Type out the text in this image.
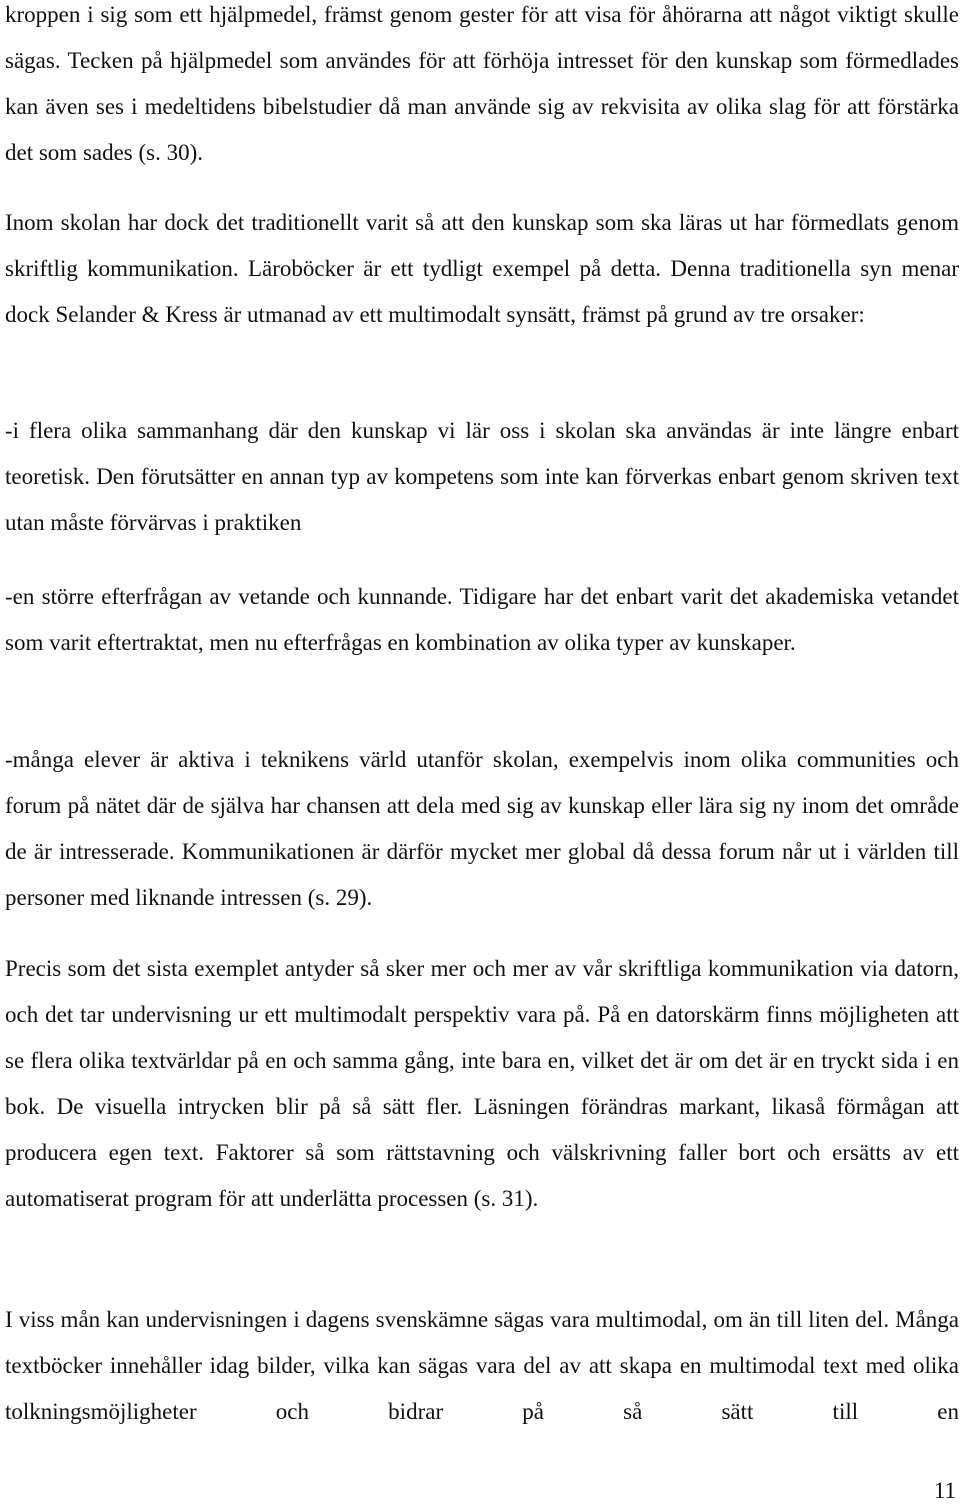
kroppen i sig som ett hjälpmedel, främst genom gester för att visa för åhörarna att något viktigt skulle sägas. Tecken på hjälpmedel som användes för att förhöja intresset för den kunskap som förmedlades kan även ses i medeltidens bibelstudier då man använde sig av rekvisita av olika slag för att förstärka det som sades (s. 30).

Inom skolan har dock det traditionellt varit så att den kunskap som ska läras ut har förmedlats genom skriftlig kommunikation. Läroböcker är ett tydligt exempel på detta. Denna traditionella syn menar dock Selander & Kress är utmanad av ett multimodalt synsätt, främst på grund av tre orsaker:

-i flera olika sammanhang där den kunskap vi lär oss i skolan ska användas är inte längre enbart teoretisk. Den förutsätter en annan typ av kompetens som inte kan förverkas enbart genom skriven text utan måste förvärvas i praktiken

-en större efterfrågan av vetande och kunnande. Tidigare har det enbart varit det akademiska vetandet som varit eftertraktat, men nu efterfrågas en kombination av olika typer av kunskaper.

-många elever är aktiva i teknikens värld utanför skolan, exempelvis inom olika communities och forum på nätet där de själva har chansen att dela med sig av kunskap eller lära sig ny inom det område de är intresserade. Kommunikationen är därför mycket mer global då dessa forum når ut i världen till personer med liknande intressen (s. 29).

Precis som det sista exemplet antyder så sker mer och mer av vår skriftliga kommunikation via datorn, och det tar undervisning ur ett multimodalt perspektiv vara på. På en datorskärm finns möjligheten att se flera olika textvärldar på en och samma gång, inte bara en, vilket det är om det är en tryckt sida i en bok. De visuella intrycken blir på så sätt fler. Läsningen förändras markant, likaså förmågan att producera egen text. Faktorer så som rättstavning och välskrivning faller bort och ersätts av ett automatiserat program för att underlätta processen (s. 31).

I viss mån kan undervisningen i dagens svenskämne sägas vara multimodal, om än till liten del. Många textböcker innehåller idag bilder, vilka kan sägas vara del av att skapa en multimodal text med olika tolkningsmöjligheter och bidrar på så sätt till en

11
